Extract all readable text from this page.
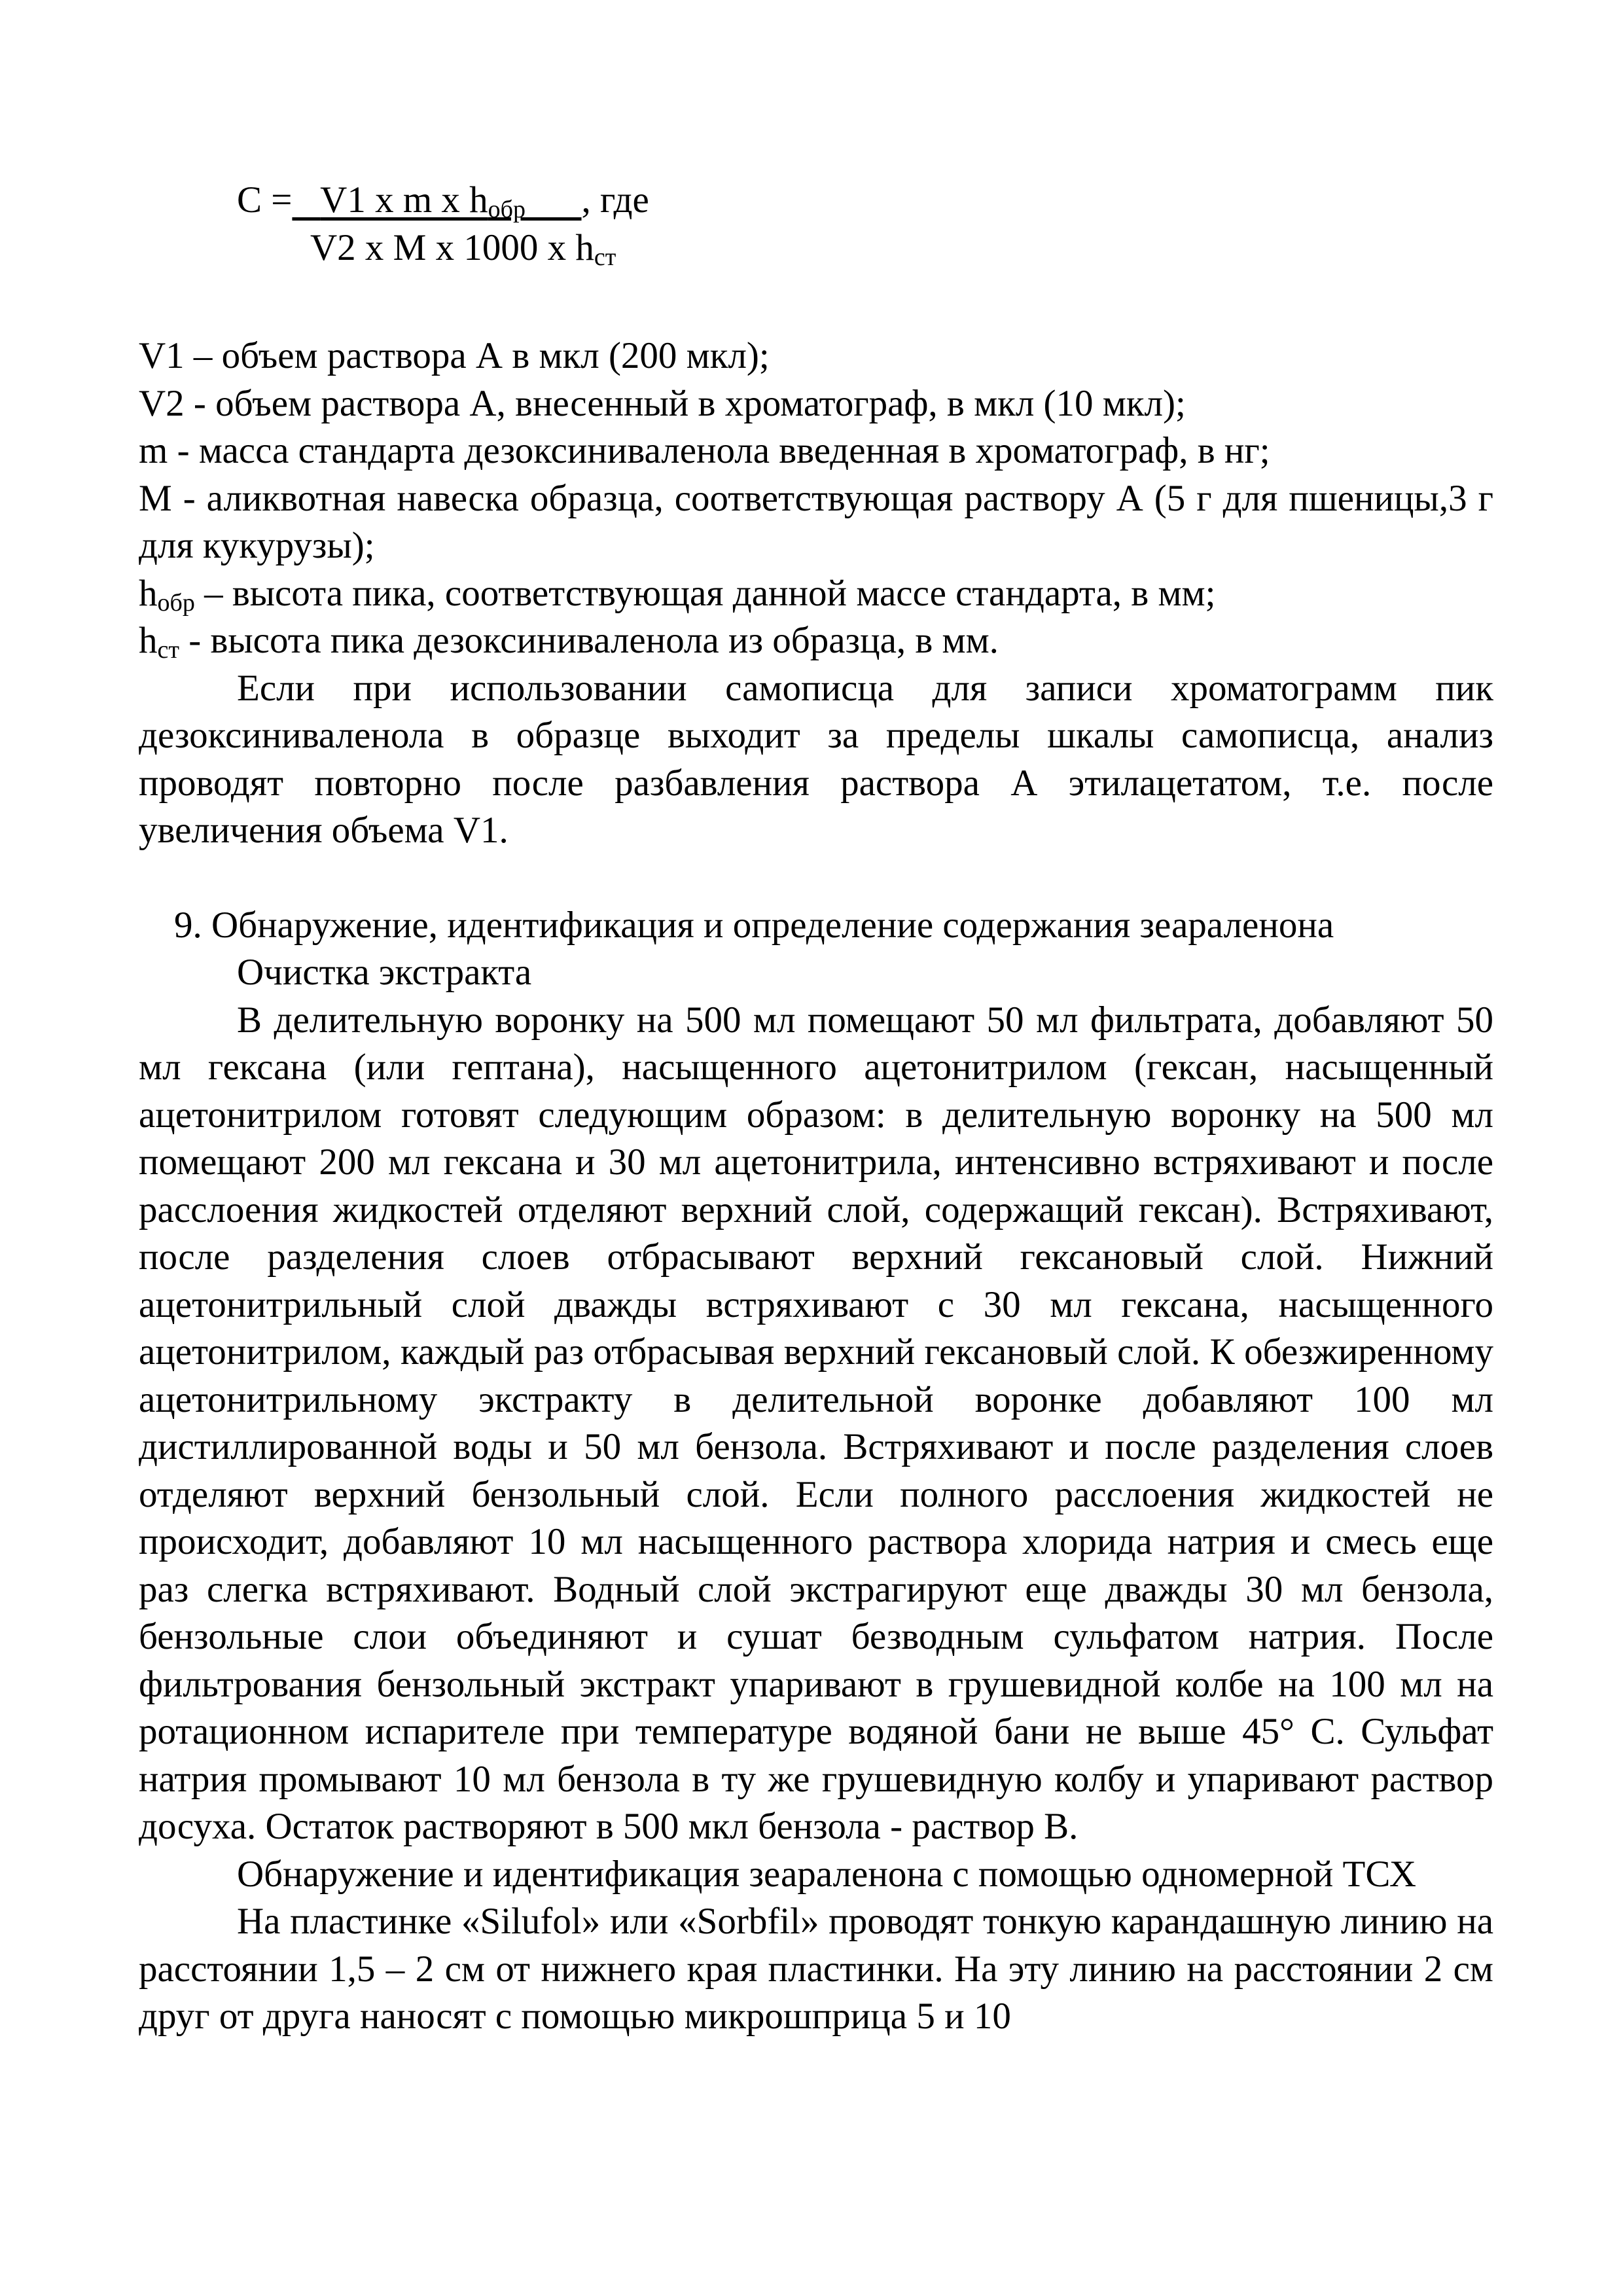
C = V1 x m x $h_{обр}$ , где
V2 x M x 1000 x $h_{ст}$

V1 – объем раствора А в мкл (200 мкл);

V2 - объем раствора А, внесенный в хроматограф, в мкл (10 мкл);

m - масса стандарта дезоксиниваленола введенная в хроматограф, в нг;

М - аликвотная навеска образца, соответствующая раствору А (5 г для пшеницы,3 г для кукурузы);

$h_{обр}$ – высота пика, соответствующая данной массе стандарта, в мм;

$h_{ст}$ - высота пика дезоксиниваленола из образца, в мм.

Если при использовании самописца для записи хроматограмм пик дезоксиниваленола в образце выходит за пределы шкалы самописца, анализ проводят повторно после разбавления раствора А этилацетатом, т.е. после увеличения объема V1.

9. Обнаружение, идентификация и определение содержания зеараленона

Очистка экстракта

В делительную воронку на 500 мл помещают 50 мл фильтрата, добавляют 50 мл гексана (или гептана), насыщенного ацетонитрилом (гексан, насыщенный ацетонитрилом готовят следующим образом: в делительную воронку на 500 мл помещают 200 мл гексана и 30 мл ацетонитрила, интенсивно встряхивают и после расслоения жидкостей отделяют верхний слой, содержащий гексан). Встряхивают, после разделения слоев отбрасывают верхний гексановый слой. Нижний ацетонитрильный слой дважды встряхивают с 30 мл гексана, насыщенного ацетонитрилом, каждый раз отбрасывая верхний гексановый слой. К обезжиренному ацетонитрильному экстракту в делительной воронке добавляют 100 мл дистиллированной воды и 50 мл бензола. Встряхивают и после разделения слоев отделяют верхний бензольный слой. Если полного расслоения жидкостей не происходит, добавляют 10 мл насыщенного раствора хлорида натрия и смесь еще раз слегка встряхивают. Водный слой экстрагируют еще дважды 30 мл бензола, бензольные слои объединяют и сушат безводным сульфатом натрия. После фильтрования бензольный экстракт упаривают в грушевидной колбе на 100 мл на ротационном испарителе при температуре водяной бани не выше 45° С. Сульфат натрия промывают 10 мл бензола в ту же грушевидную колбу и упаривают раствор досуха. Остаток растворяют в 500 мкл бензола - раствор В.

Обнаружение и идентификация зеараленона с помощью одномерной ТСХ

На пластинке «Silufol» или «Sorbfil» проводят тонкую карандашную линию на расстоянии 1,5 – 2 см от нижнего края пластинки. На эту линию на расстоянии 2 см друг от друга наносят с помощью микрошприца 5 и 10
